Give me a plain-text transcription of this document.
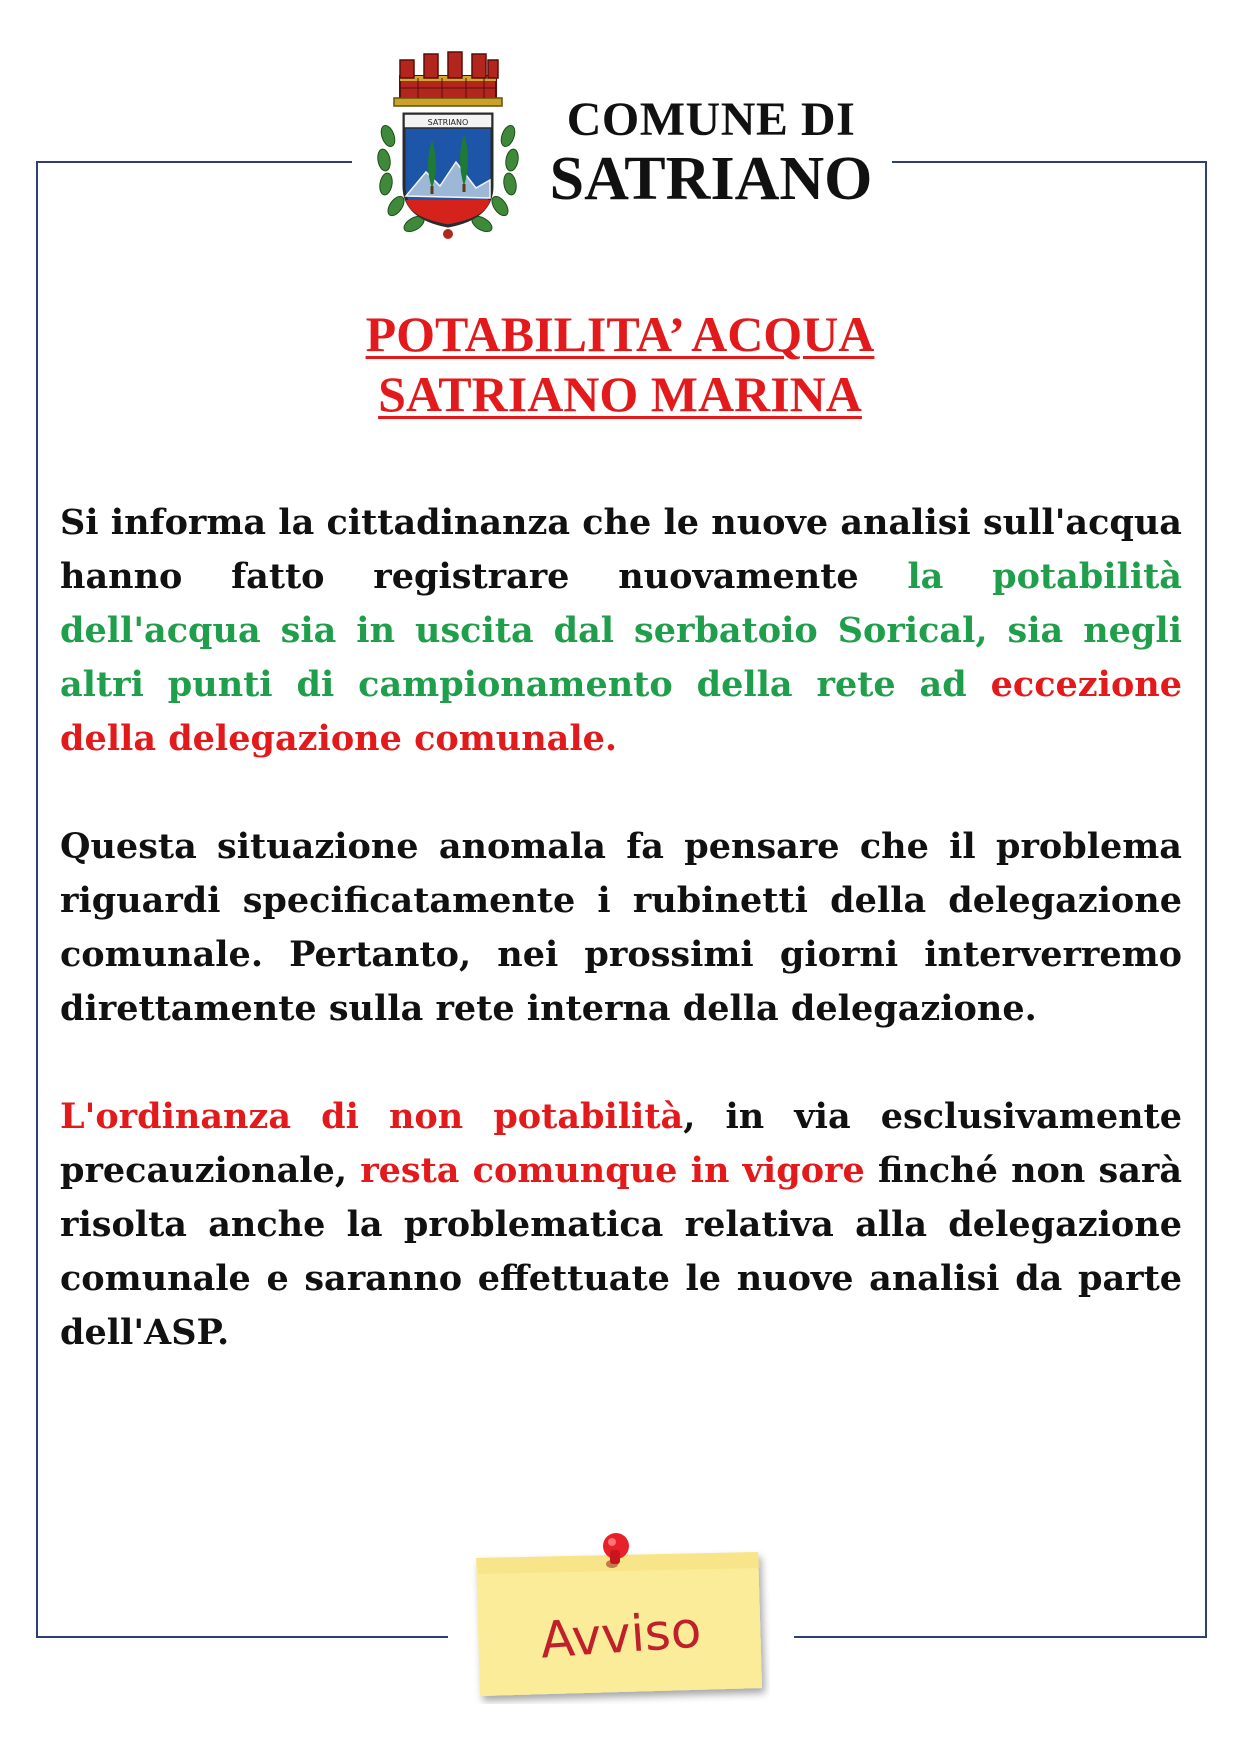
SATRIANO	COMUNE DI
SATRIANO
POTABILITA’ ACQUA
SATRIANO MARINA

Si informa la cittadinanza che le nuove analisi sull'acqua hanno fatto registrare nuovamente la potabilità dell'acqua sia in uscita dal serbatoio Sorical, sia negli altri punti di campionamento della rete ad eccezione della delegazione comunale.

Questa situazione anomala fa pensare che il problema riguardi specificatamente i rubinetti della delegazione comunale. Pertanto, nei prossimi giorni interverremo direttamente sulla rete interna della delegazione.

L'ordinanza di non potabilità, in via esclusivamente precauzionale, resta comunque in vigore finché non sarà risolta anche la problematica relativa alla delegazione comunale e saranno effettuate le nuove analisi da parte dell'ASP.

Avviso
